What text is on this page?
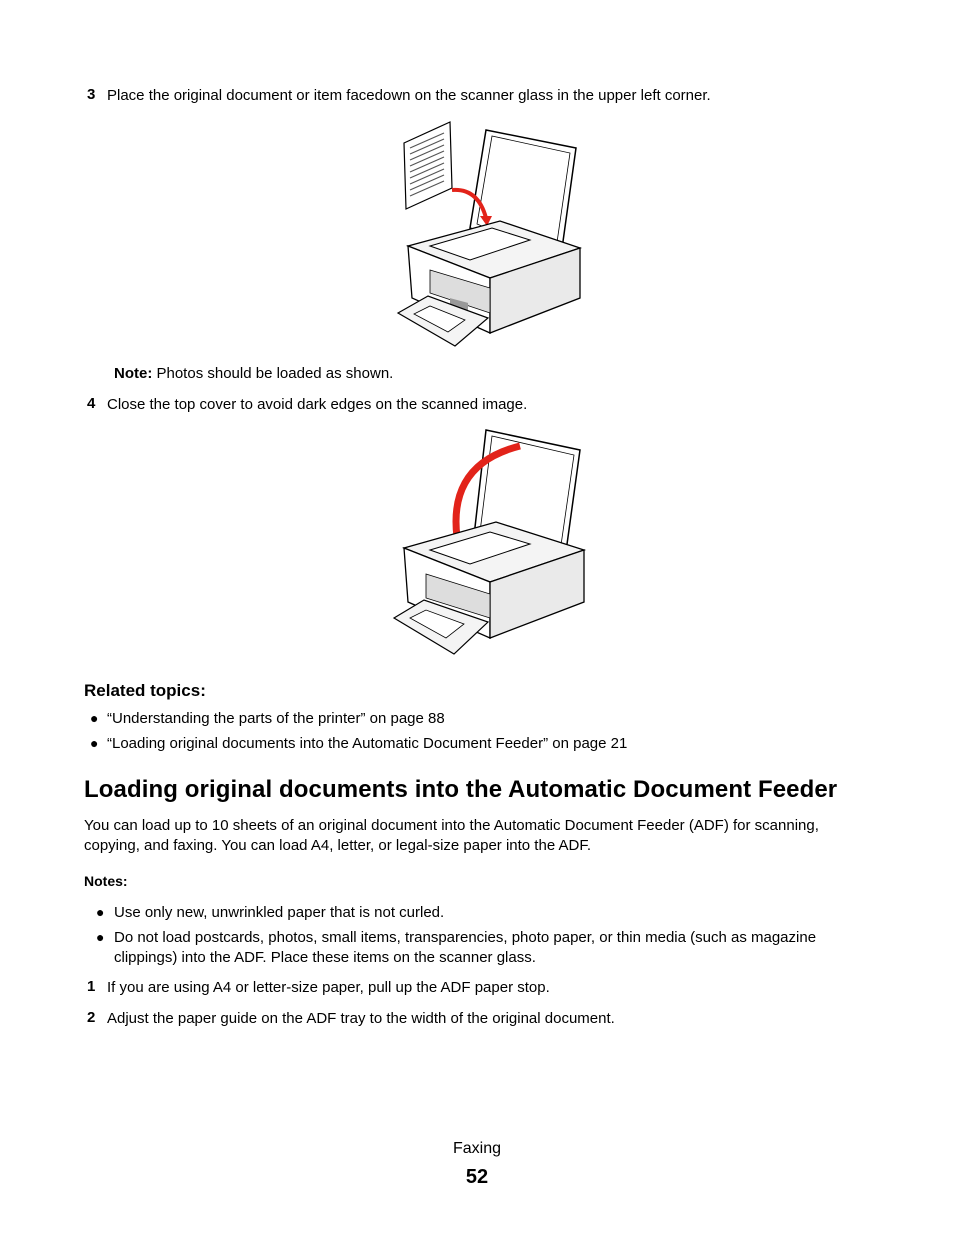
3 Place the original document or item facedown on the scanner glass in the upper left corner.
Note: Photos should be loaded as shown.
4 Close the top cover to avoid dark edges on the scanned image.
Related topics:
● “Understanding the parts of the printer” on page 88
● “Loading original documents into the Automatic Document Feeder” on page 21
Loading original documents into the Automatic Document Feeder
You can load up to 10 sheets of an original document into the Automatic Document Feeder (ADF) for scanning,
copying, and faxing. You can load A4, letter, or legal-size paper into the ADF.
Notes:
● Use only new, unwrinkled paper that is not curled.
● Do not load postcards, photos, small items, transparencies, photo paper, or thin media (such as magazine
clippings) into the ADF. Place these items on the scanner glass.
1 If you are using A4 or letter-size paper, pull up the ADF paper stop.
2 Adjust the paper guide on the ADF tray to the width of the original document.
Faxing
52
